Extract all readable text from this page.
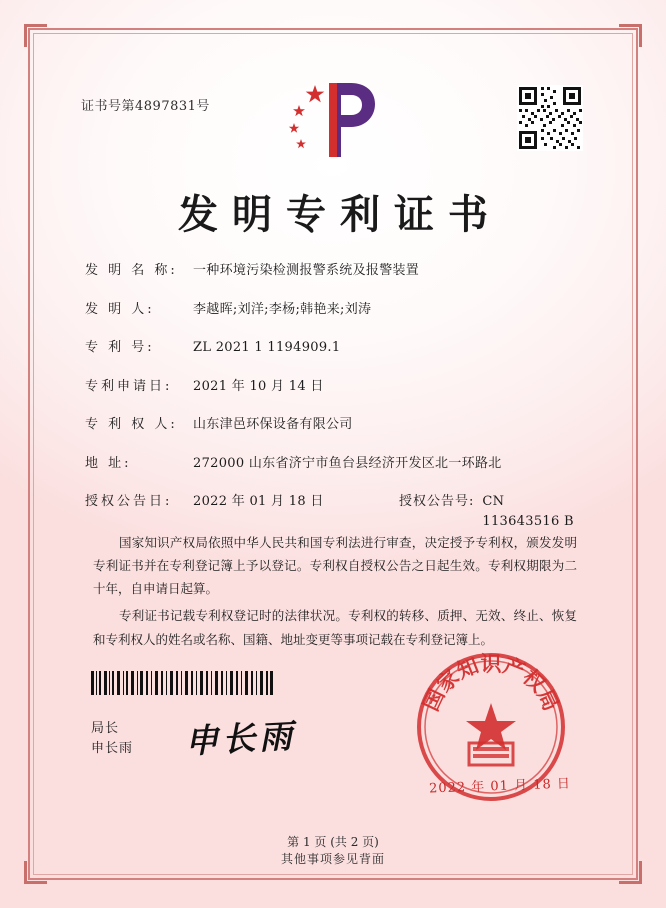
证书号第4897831号
发明专利证书
发 明 名 称:	一种环境污染检测报警系统及报警装置
发 明 人:	李越晖;刘洋;李杨;韩艳来;刘涛
专 利 号:	ZL 2021 1 1194909.1
专利申请日:	2021 年 10 月 14 日
专 利 权 人:	山东津邑环保设备有限公司
地 址:	272000 山东省济宁市鱼台县经济开发区北一环路北
授权公告日:	2022 年 01 月 18 日	授权公告号: CN 113643516 B

国家知识产权局依照中华人民共和国专利法进行审查，决定授予专利权，颁发发明专利证书并在专利登记簿上予以登记。专利权自授权公告之日起生效。专利权期限为二十年，自申请日起算。

专利证书记载专利权登记时的法律状况。专利权的转移、质押、无效、终止、恢复和专利权人的姓名或名称、国籍、地址变更等事项记载在专利登记簿上。

局长
申长雨 申长雨
国家知识产权局
2022 年 01 月 18 日
第 1 页 (共 2 页)
其他事项参见背面
